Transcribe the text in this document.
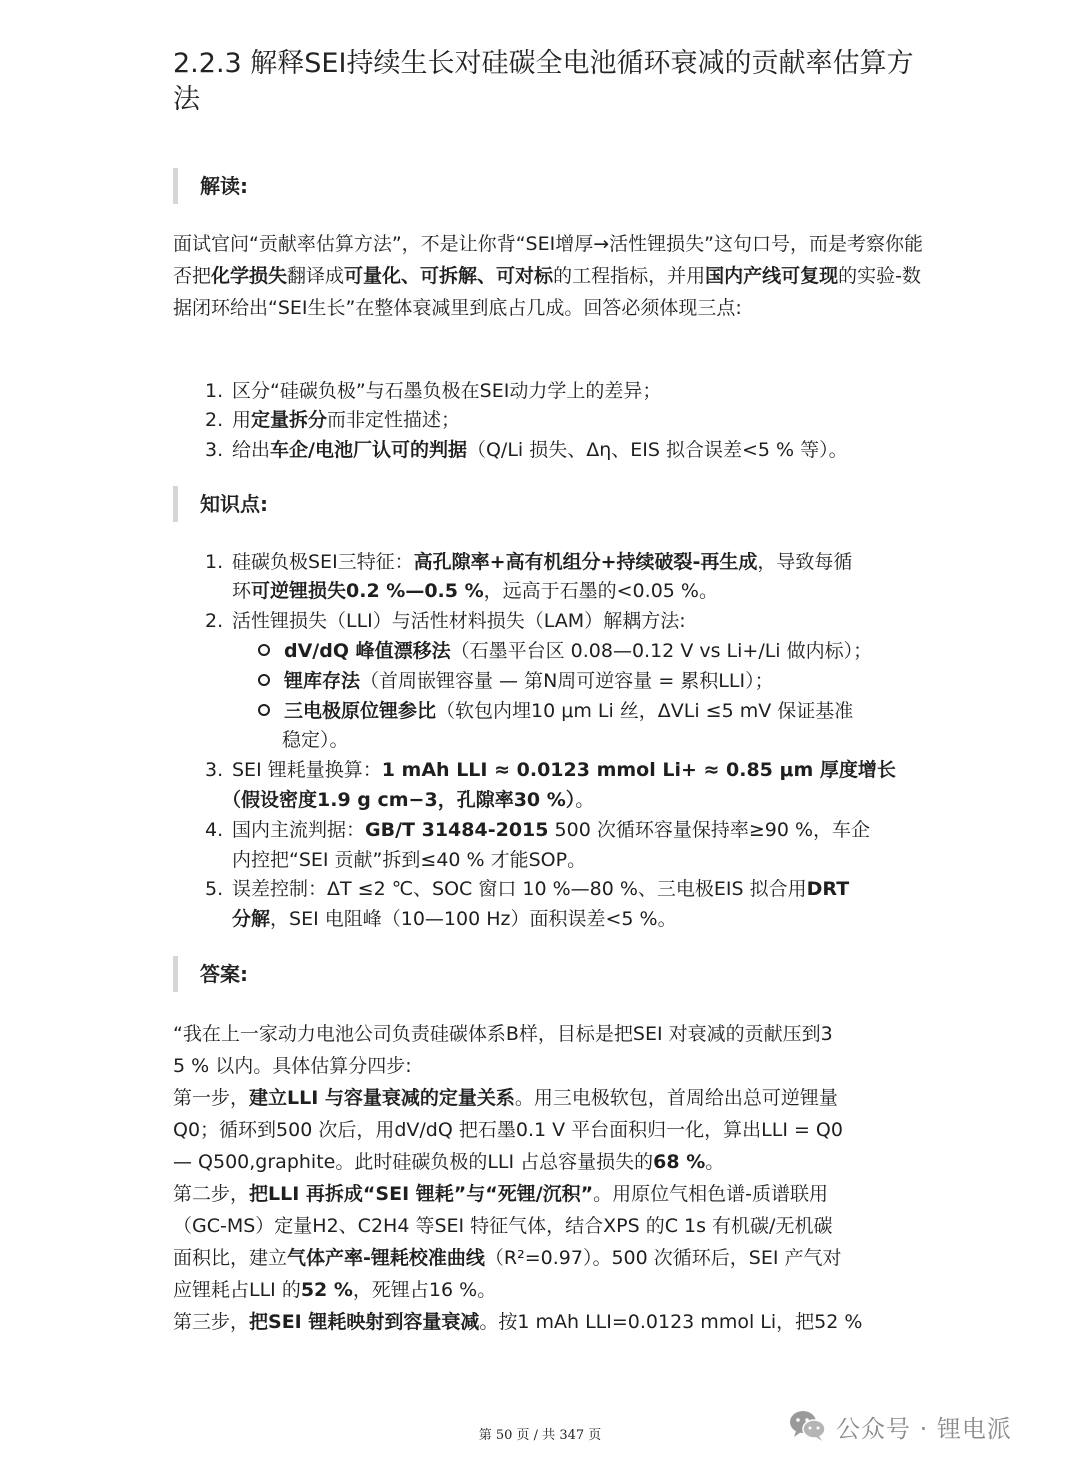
2.2.3 解释SEI持续生长对硅碳全电池循环衰减的贡献率估算方法
解读:
面试官问“贡献率估算方法”，不是让你背“SEI增厚→活性锂损失”这句口号，而是考察你能否把化学损失翻译成可量化、可拆解、可对标的工程指标，并用国内产线可复现的实验-数据闭环给出“SEI生长”在整体衰减里到底占几成。回答必须体现三点:
1. 区分“硅碳负极”与石墨负极在SEI动力学上的差异；
2. 用定量拆分而非定性描述；
3. 给出车企/电池厂认可的判据（Q/Li 损失、Δη、EIS 拟合误差<5 % 等）。
知识点:
1. 硅碳负极SEI三特征：高孔隙率+高有机组分+持续破裂-再生成，导致每循
环可逆锂损失0.2 %—0.5 %，远高于石墨的<0.05 %。
2. 活性锂损失（LLI）与活性材料损失（LAM）解耦方法:
dV/dQ 峰值漂移法（石墨平台区 0.08—0.12 V vs Li+/Li 做内标）；
锂库存法（首周嵌锂容量 — 第N周可逆容量 = 累积LLI）；
三电极原位锂参比（软包内埋10 μm Li 丝，ΔVLi ≤5 mV 保证基准
稳定）。
3. SEI 锂耗量换算：1 mAh LLI ≈ 0.0123 mmol Li+ ≈ 0.85 μm 厚度增长
（假设密度1.9 g cm−3，孔隙率30 %）。
4. 国内主流判据：GB/T 31484-2015 500 次循环容量保持率≥90 %，车企
内控把“SEI 贡献”拆到≤40 % 才能SOP。
5. 误差控制：ΔT ≤2 ℃、SOC 窗口 10 %—80 %、三电极EIS 拟合用DRT
分解，SEI 电阻峰（10—100 Hz）面积误差<5 %。
答案:
“我在上一家动力电池公司负责硅碳体系B样，目标是把SEI 对衰减的贡献压到3
5 % 以内。具体估算分四步:
第一步，建立LLI 与容量衰减的定量关系。用三电极软包，首周给出总可逆锂量
Q0；循环到500 次后，用dV/dQ 把石墨0.1 V 平台面积归一化，算出LLI = Q0
— Q500,graphite。此时硅碳负极的LLI 占总容量损失的68 %。
第二步，把LLI 再拆成“SEI 锂耗”与“死锂/沉积”。用原位气相色谱-质谱联用
（GC-MS）定量H2、C2H4 等SEI 特征气体，结合XPS 的C 1s 有机碳/无机碳
面积比，建立气体产率-锂耗校准曲线（R²=0.97）。500 次循环后，SEI 产气对
应锂耗占LLI 的52 %，死锂占16 %。
第三步，把SEI 锂耗映射到容量衰减。按1 mAh LLI=0.0123 mmol Li，把52 %
第 50 页 / 共 347 页	公众号 · 锂电派
